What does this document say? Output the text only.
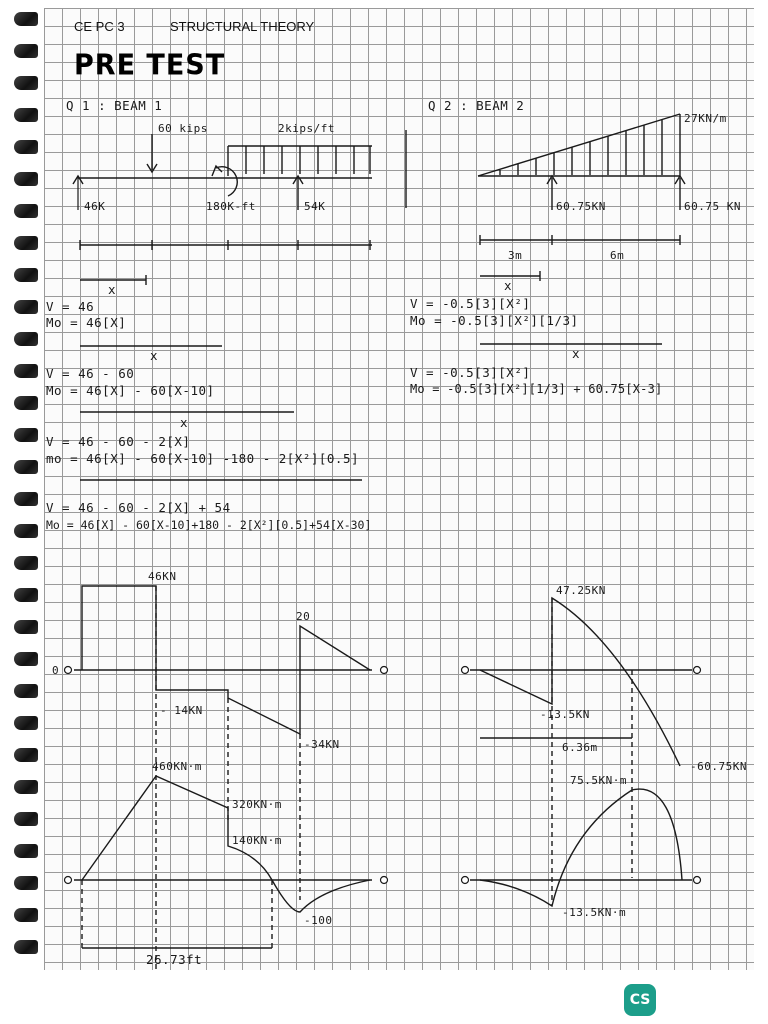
CE PC 3	STRUCTURAL THEORY
PRE TEST
Q 1 : BEAM 1
60 kips	2kips/ft
46K	180K-ft	54K
x
V = 46
Mo = 46[X]
x
V = 46 - 60
Mo = 46[X] - 60[X-10]
x
V = 46 - 60 - 2[X]
mo = 46[X] - 60[X-10] -180 - 2[X²][0.5]
V = 46 - 60 - 2[X] + 54
Mo = 46[X] - 60[X-10]+180 - 2[X²][0.5]+54[X-30]
Q 2 : BEAM 2
27KN/m
60.75KN	60.75 KN
3m	6m
x
V = -0.5[3][X²]
Mo = -0.5[3][X²][1/3]
x
V = -0.5[3][X²]
Mo = -0.5[3][X²][1/3] + 60.75[X-3]
46KN
- 14KN
20
-34KN
460KN·m
320KN·m
140KN·m
-100
26.73ft
47.25KN
-13.5KN
-60.75KN
6.36m
75.5KN·m
-13.5KN·m
0
CS
